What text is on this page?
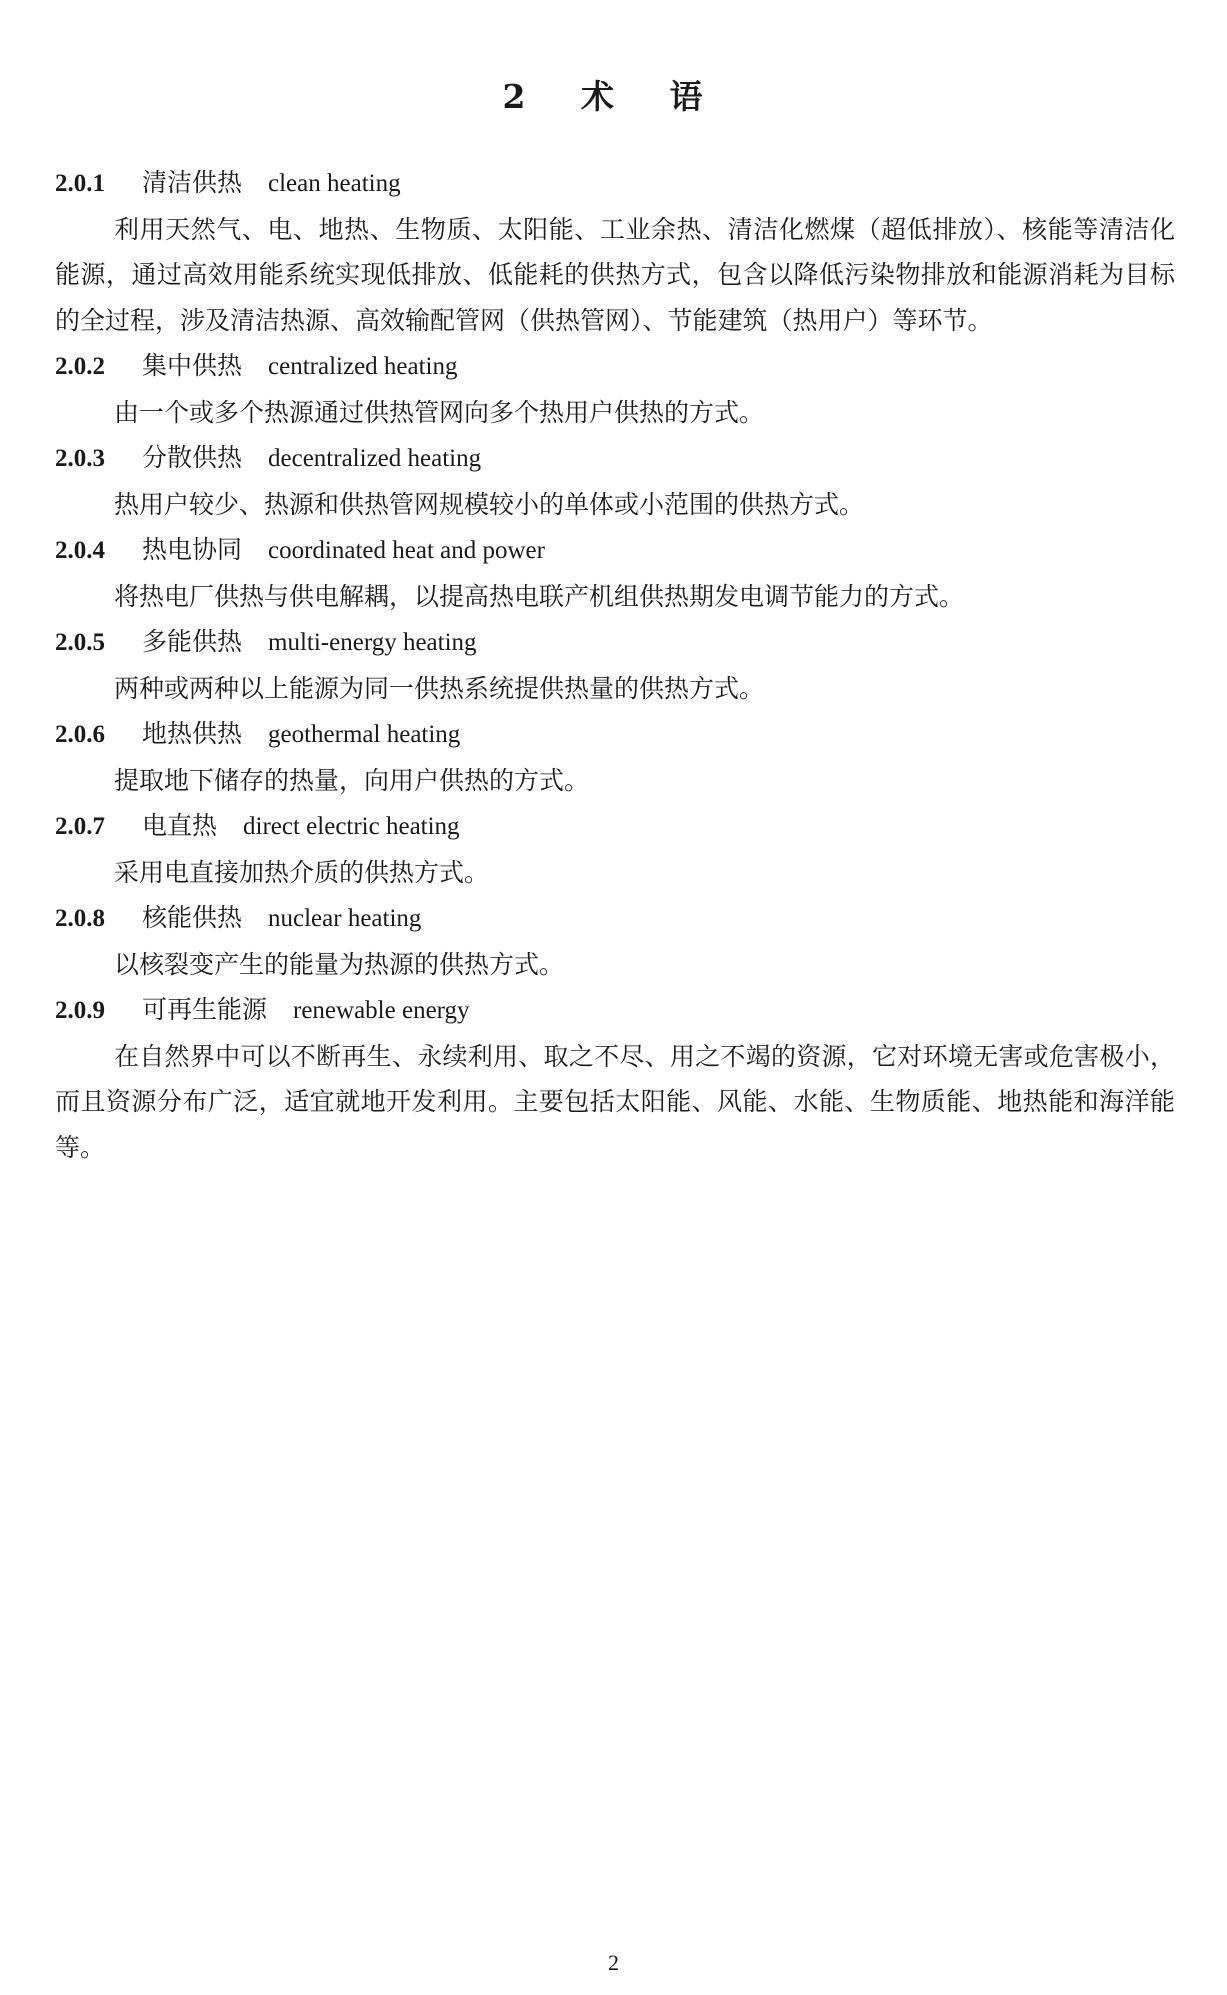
2 术 语
2.0.1 清洁供热 clean heating

利用天然气、电、地热、生物质、太阳能、工业余热、清洁化燃煤（超低排放）、核能等清洁化能源，通过高效用能系统实现低排放、低能耗的供热方式，包含以降低污染物排放和能源消耗为目标的全过程，涉及清洁热源、高效输配管网（供热管网）、节能建筑（热用户）等环节。

2.0.2 集中供热 centralized heating

由一个或多个热源通过供热管网向多个热用户供热的方式。

2.0.3 分散供热 decentralized heating

热用户较少、热源和供热管网规模较小的单体或小范围的供热方式。

2.0.4 热电协同 coordinated heat and power

将热电厂供热与供电解耦，以提高热电联产机组供热期发电调节能力的方式。

2.0.5 多能供热 multi-energy heating

两种或两种以上能源为同一供热系统提供热量的供热方式。

2.0.6 地热供热 geothermal heating

提取地下储存的热量，向用户供热的方式。

2.0.7 电直热 direct electric heating

采用电直接加热介质的供热方式。

2.0.8 核能供热 nuclear heating

以核裂变产生的能量为热源的供热方式。

2.0.9 可再生能源 renewable energy

在自然界中可以不断再生、永续利用、取之不尽、用之不竭的资源，它对环境无害或危害极小，而且资源分布广泛，适宜就地开发利用。主要包括太阳能、风能、水能、生物质能、地热能和海洋能等。

2
